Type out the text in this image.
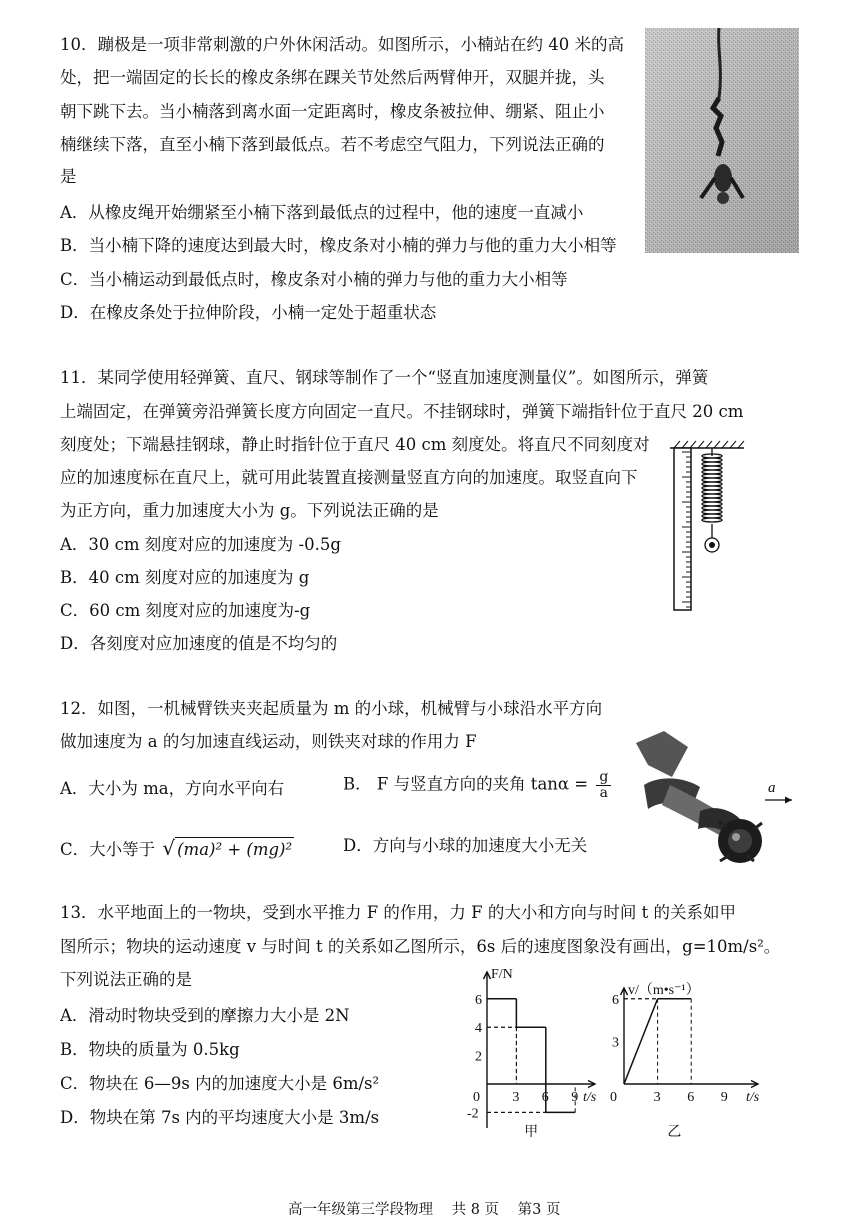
10．蹦极是一项非常刺激的户外休闲活动。如图所示，小楠站在约 40 米的高
处，把一端固定的长长的橡皮条绑在踝关节处然后两臂伸开，双腿并拢，头
朝下跳下去。当小楠落到离水面一定距离时，橡皮条被拉伸、绷紧、阻止小
楠继续下落，直至小楠下落到最低点。若不考虑空气阻力，下列说法正确的
是
A．从橡皮绳开始绷紧至小楠下落到最低点的过程中，他的速度一直减小
B．当小楠下降的速度达到最大时，橡皮条对小楠的弹力与他的重力大小相等
C．当小楠运动到最低点时，橡皮条对小楠的弹力与他的重力大小相等
D．在橡皮条处于拉伸阶段，小楠一定处于超重状态
11．某同学使用轻弹簧、直尺、钢球等制作了一个“竖直加速度测量仪”。如图所示，弹簧
上端固定，在弹簧旁沿弹簧长度方向固定一直尺。不挂钢球时，弹簧下端指针位于直尺 20 cm
刻度处；下端悬挂钢球，静止时指针位于直尺 40 cm 刻度处。将直尺不同刻度对
应的加速度标在直尺上，就可用此装置直接测量竖直方向的加速度。取竖直向下
为正方向，重力加速度大小为 g。下列说法正确的是
A．30 cm 刻度对应的加速度为 -0.5g
B．40 cm 刻度对应的加速度为 g
C．60 cm 刻度对应的加速度为-g
D．各刻度对应加速度的值是不均匀的
12．如图，一机械臂铁夹夹起质量为 m 的小球，机械臂与小球沿水平方向
做加速度为 a 的匀加速直线运动，则铁夹对球的作用力 F
A．大小为 ma，方向水平向右	B． F 与竖直方向的夹角 $\tan\alpha = \frac{g}{a}$
C．大小等于 √ (ma)² + (mg)²	D．方向与小球的加速度大小无关
a
13．水平地面上的一物块，受到水平推力 F 的作用，力 F 的大小和方向与时间 t 的关系如甲
图所示；物块的运动速度 v 与时间 t 的关系如乙图所示，6s 后的速度图象没有画出，g=10m/s²。
下列说法正确的是
A．滑动时物块受到的摩擦力大小是 2N
B．物块的质量为 0.5kg
C．物块在 6—9s 内的加速度大小是 6m/s²
D．物块在第 7s 内的平均速度大小是 3m/s
0 3 6 9
6
4
2
-2
F/N
t/s
甲
0	3 6 9
6
3
v/（m•s⁻¹）
t/s
乙
高一年级第三学段物理 共 8 页 第3 页
